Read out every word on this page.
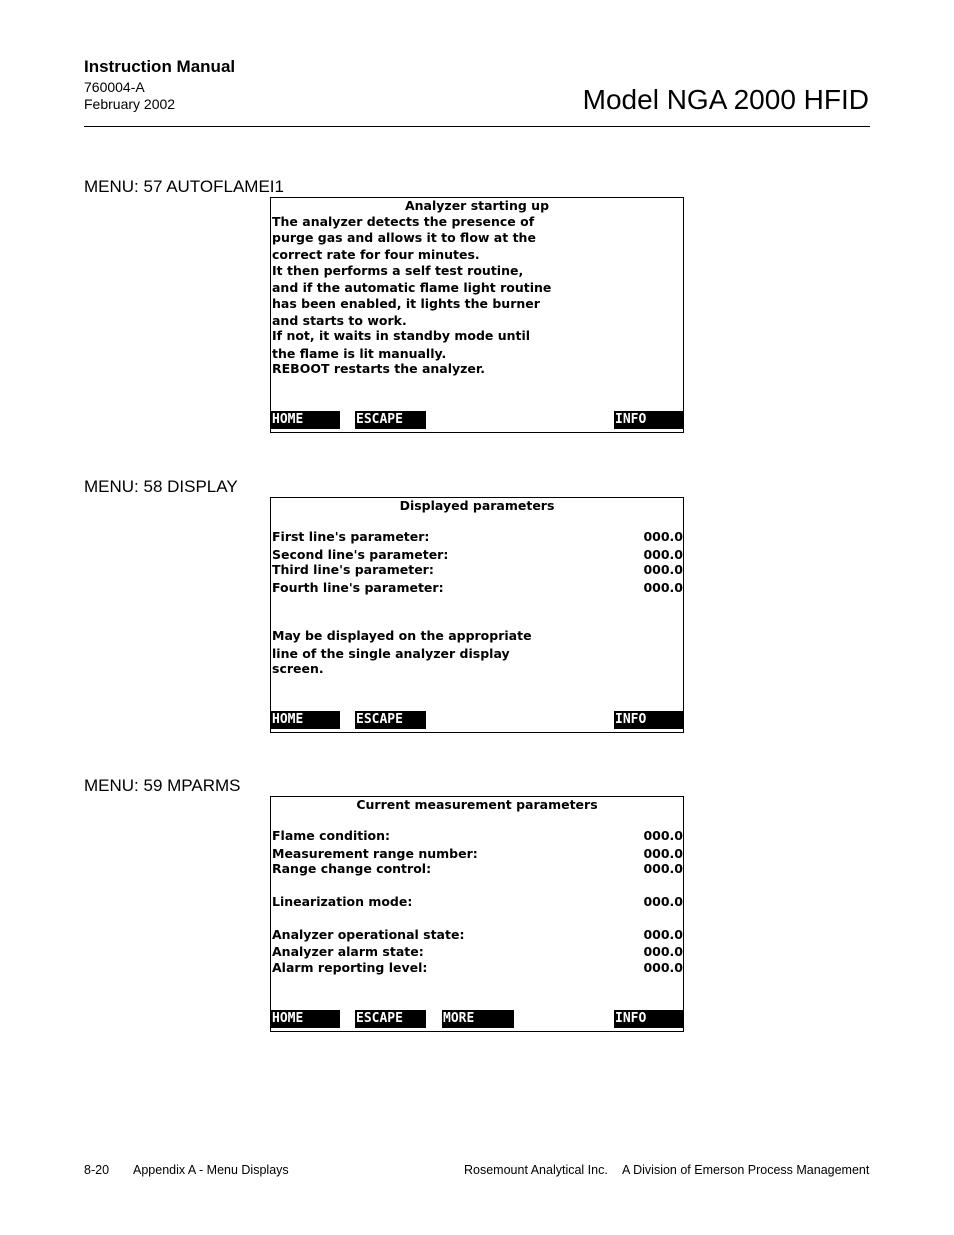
Instruction Manual
760004-A
February 2002	Model NGA 2000 HFID
MENU: 57 AUTOFLAMEI1
Analyzer starting up
The analyzer detects the presence of
purge gas and allows it to flow at the
correct rate for four minutes.
It then performs a self test routine,
and if the automatic flame light routine
has been enabled, it lights the burner
and starts to work.
If not, it waits in standby mode until
the flame is lit manually.
REBOOT restarts the analyzer.
HOME	ESCAPE	INFO
MENU: 58 DISPLAY
Displayed parameters
First line's parameter:	000.0
Second line's parameter:	000.0
Third line's parameter:	000.0
Fourth line's parameter:	000.0
May be displayed on the appropriate
line of the single analyzer display
screen.
HOME	ESCAPE	INFO
MENU: 59 MPARMS
Current measurement parameters
Flame condition:	000.0
Measurement range number:	000.0
Range change control:	000.0
Linearization mode:	000.0
Analyzer operational state:	000.0
Analyzer alarm state:	000.0
Alarm reporting level:	000.0
HOME	ESCAPE	MORE	INFO
8-20 Appendix A - Menu Displays	Rosemount Analytical Inc. A Division of Emerson Process Management
